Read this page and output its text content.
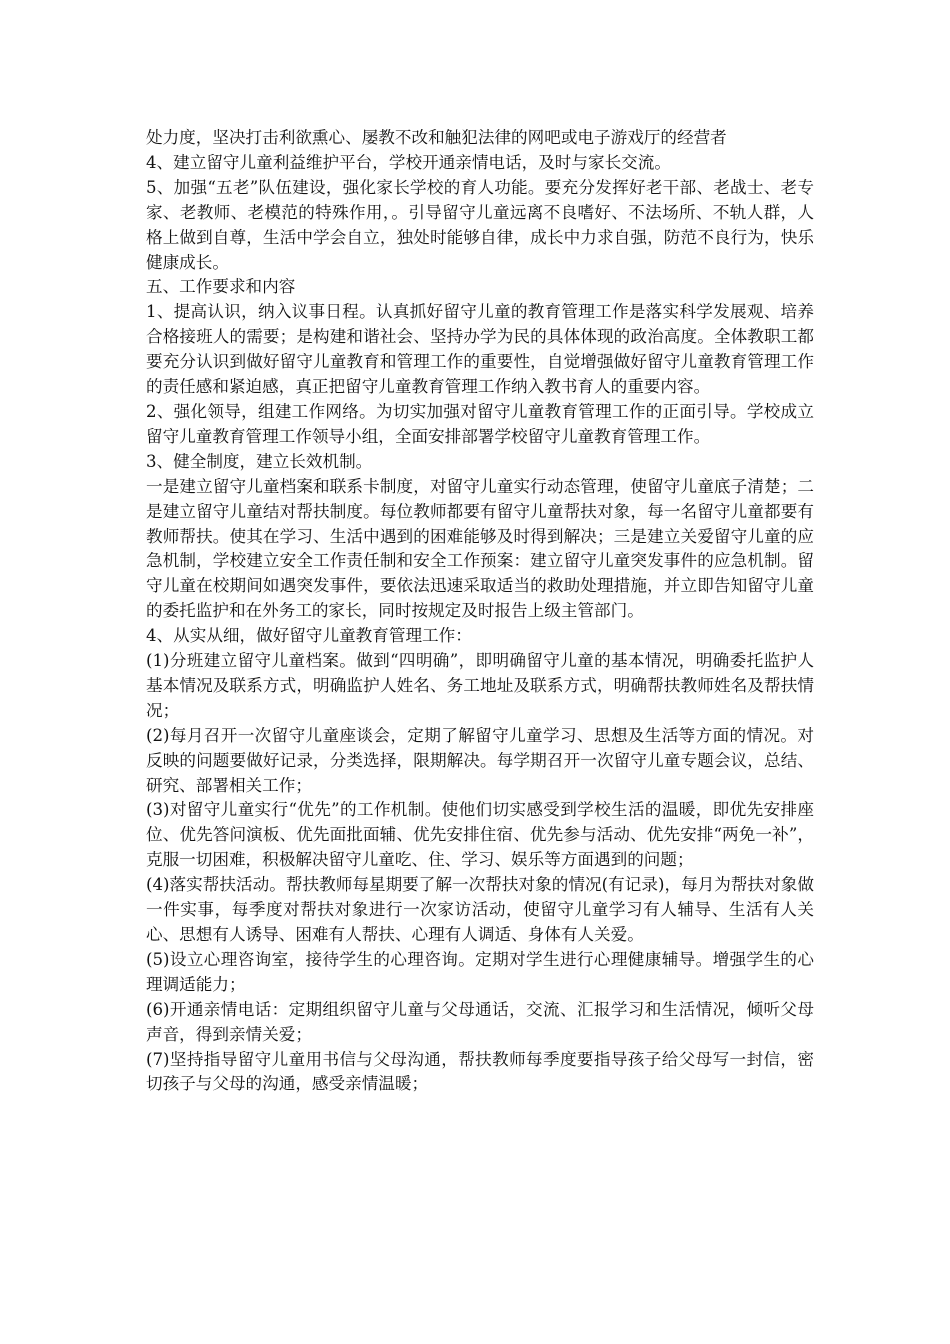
处力度，坚决打击利欲熏心、屡教不改和触犯法律的网吧或电子游戏厅的经营者

4、建立留守儿童利益维护平台，学校开通亲情电话，及时与家长交流。

5、加强“五老”队伍建设，强化家长学校的育人功能。要充分发挥好老干部、老战士、老专家、老教师、老模范的特殊作用，。引导留守儿童远离不良嗜好、不法场所、不轨人群，人格上做到自尊，生活中学会自立，独处时能够自律，成长中力求自强，防范不良行为，快乐健康成长。

五、工作要求和内容

1、提高认识，纳入议事日程。认真抓好留守儿童的教育管理工作是落实科学发展观、培养合格接班人的需要；是构建和谐社会、坚持办学为民的具体体现的政治高度。全体教职工都要充分认识到做好留守儿童教育和管理工作的重要性，自觉增强做好留守儿童教育管理工作的责任感和紧迫感，真正把留守儿童教育管理工作纳入教书育人的重要内容。

2、强化领导，组建工作网络。为切实加强对留守儿童教育管理工作的正面引导。学校成立留守儿童教育管理工作领导小组，全面安排部署学校留守儿童教育管理工作。

3、健全制度，建立长效机制。

一是建立留守儿童档案和联系卡制度，对留守儿童实行动态管理，使留守儿童底子清楚；二是建立留守儿童结对帮扶制度。每位教师都要有留守儿童帮扶对象，每一名留守儿童都要有教师帮扶。使其在学习、生活中遇到的困难能够及时得到解决；三是建立关爱留守儿童的应急机制，学校建立安全工作责任制和安全工作预案：建立留守儿童突发事件的应急机制。留守儿童在校期间如遇突发事件，要依法迅速采取适当的救助处理措施，并立即告知留守儿童的委托监护和在外务工的家长，同时按规定及时报告上级主管部门。

4、从实从细，做好留守儿童教育管理工作：

(1)分班建立留守儿童档案。做到“四明确”，即明确留守儿童的基本情况，明确委托监护人基本情况及联系方式，明确监护人姓名、务工地址及联系方式，明确帮扶教师姓名及帮扶情况；

(2)每月召开一次留守儿童座谈会，定期了解留守儿童学习、思想及生活等方面的情况。对反映的问题要做好记录，分类选择，限期解决。每学期召开一次留守儿童专题会议，总结、研究、部署相关工作；

(3)对留守儿童实行“优先”的工作机制。使他们切实感受到学校生活的温暖，即优先安排座位、优先答问演板、优先面批面辅、优先安排住宿、优先参与活动、优先安排“两免一补”，克服一切困难，积极解决留守儿童吃、住、学习、娱乐等方面遇到的问题；

(4)落实帮扶活动。帮扶教师每星期要了解一次帮扶对象的情况(有记录)，每月为帮扶对象做一件实事，每季度对帮扶对象进行一次家访活动，使留守儿童学习有人辅导、生活有人关心、思想有人诱导、困难有人帮扶、心理有人调适、身体有人关爱。

(5)设立心理咨询室，接待学生的心理咨询。定期对学生进行心理健康辅导。增强学生的心理调适能力；

(6)开通亲情电话：定期组织留守儿童与父母通话，交流、汇报学习和生活情况，倾听父母声音，得到亲情关爱；

(7)坚持指导留守儿童用书信与父母沟通，帮扶教师每季度要指导孩子给父母写一封信，密切孩子与父母的沟通，感受亲情温暖；
